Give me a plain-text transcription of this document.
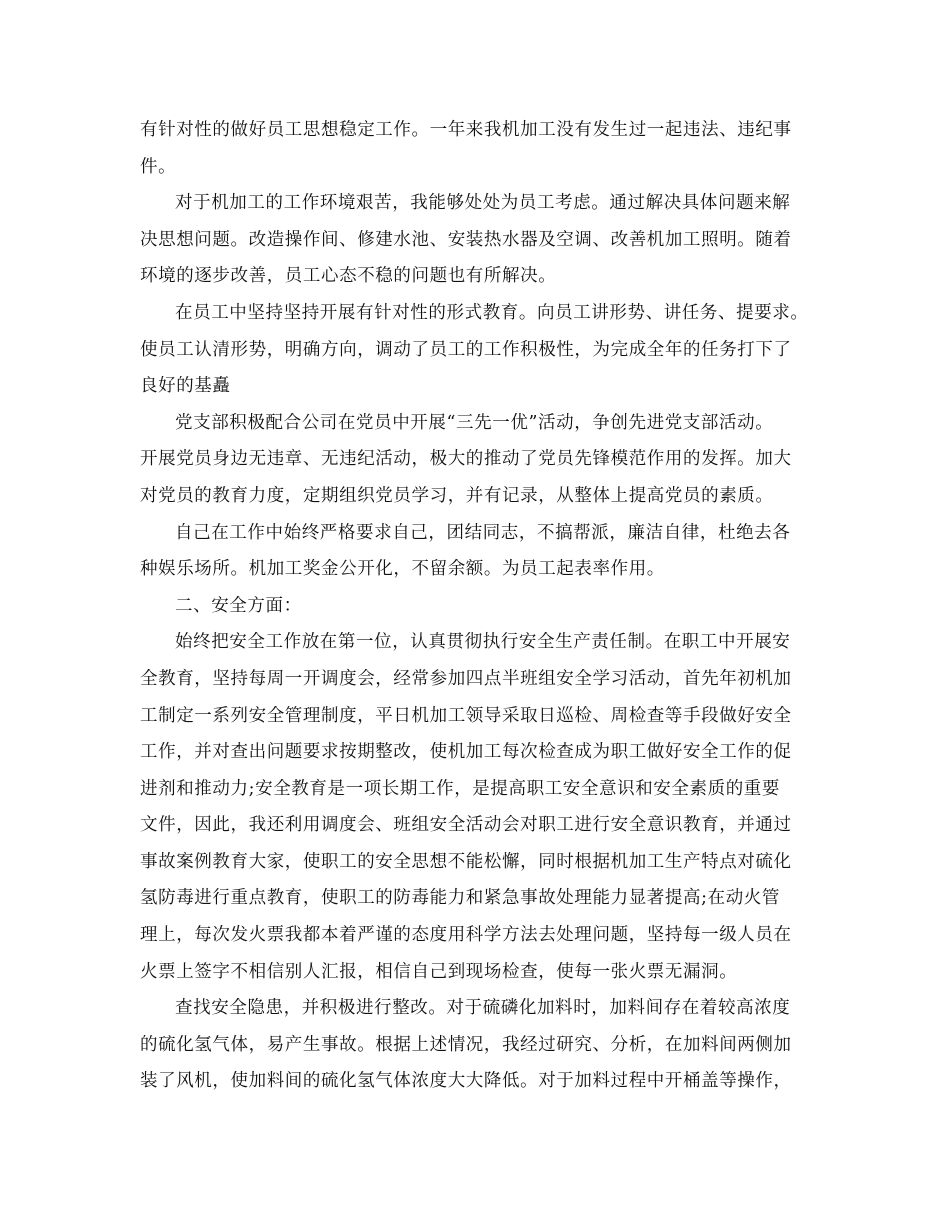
有针对性的做好员工思想稳定工作。一年来我机加工没有发生过一起违法、违纪事
件。
对于机加工的工作环境艰苦，我能够处处为员工考虑。通过解决具体问题来解
决思想问题。改造操作间、修建水池、安装热水器及空调、改善机加工照明。随着
环境的逐步改善，员工心态不稳的问题也有所解决。
在员工中坚持坚持开展有针对性的形式教育。向员工讲形势、讲任务、提要求。
使员工认清形势，明确方向，调动了员工的工作积极性，为完成全年的任务打下了
良好的基矗
党支部积极配合公司在党员中开展“三先一优”活动，争创先进党支部活动。
开展党员身边无违章、无违纪活动，极大的推动了党员先锋模范作用的发挥。加大
对党员的教育力度，定期组织党员学习，并有记录，从整体上提高党员的素质。
自己在工作中始终严格要求自己，团结同志，不搞帮派，廉洁自律，杜绝去各
种娱乐场所。机加工奖金公开化，不留余额。为员工起表率作用。
二、安全方面：
始终把安全工作放在第一位，认真贯彻执行安全生产责任制。在职工中开展安
全教育，坚持每周一开调度会，经常参加四点半班组安全学习活动，首先年初机加
工制定一系列安全管理制度，平日机加工领导采取日巡检、周检查等手段做好安全
工作，并对查出问题要求按期整改，使机加工每次检查成为职工做好安全工作的促
进剂和推动力;安全教育是一项长期工作，是提高职工安全意识和安全素质的重要
文件，因此，我还利用调度会、班组安全活动会对职工进行安全意识教育，并通过
事故案例教育大家，使职工的安全思想不能松懈，同时根据机加工生产特点对硫化
氢防毒进行重点教育，使职工的防毒能力和紧急事故处理能力显著提高;在动火管
理上，每次发火票我都本着严谨的态度用科学方法去处理问题，坚持每一级人员在
火票上签字不相信别人汇报，相信自己到现场检查，使每一张火票无漏洞。
查找安全隐患，并积极进行整改。对于硫磷化加料时，加料间存在着较高浓度
的硫化氢气体，易产生事故。根据上述情况，我经过研究、分析，在加料间两侧加
装了风机，使加料间的硫化氢气体浓度大大降低。对于加料过程中开桶盖等操作，
